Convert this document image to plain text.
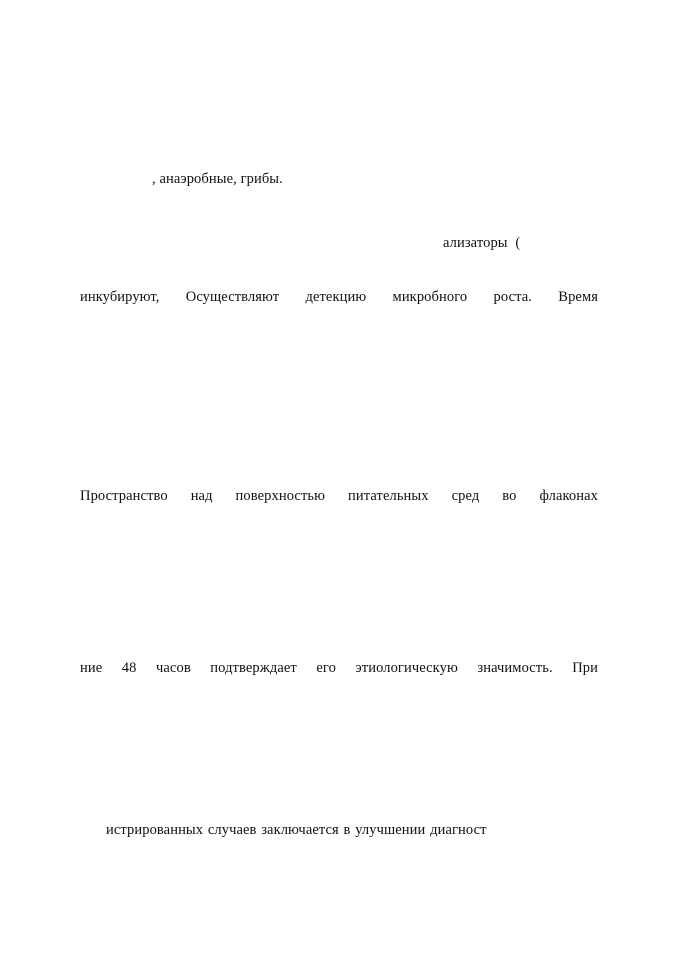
, анаэробные, грибы.
ализаторы (
инкубируют, Осуществляют детекцию микробного роста. Время
Пространство над поверхностью питательных сред во флаконах
ние 48 часов подтверждает его этиологическую значимость. При
истрированных случаев заключается в улучшении диагност
